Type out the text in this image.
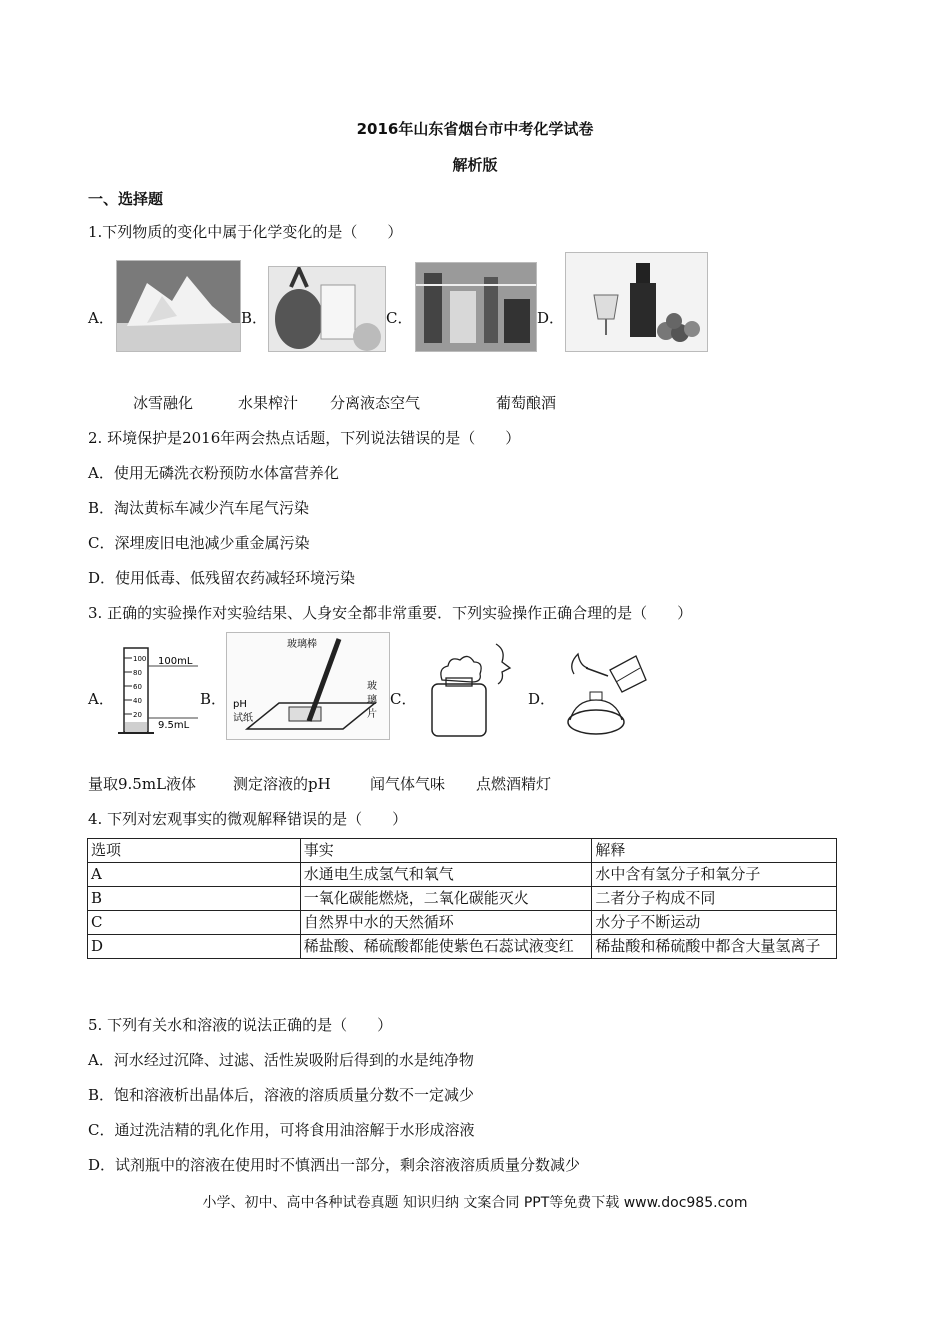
2016年山东省烟台市中考化学试卷
解析版
一、选择题
1.下列物质的变化中属于化学变化的是（　　）
A．	B．	C．	D．
冰雪融化	水果榨汁 分离液态空气	葡萄酿酒
2. 环境保护是2016年两会热点话题，下列说法错误的是（　　）
A．使用无磷洗衣粉预防水体富营养化
B．淘汰黄标车减少汽车尾气污染
C．深埋废旧电池减少重金属污染
D．使用低毒、低残留农药减轻环境污染
3. 正确的实验操作对实验结果、人身安全都非常重要．下列实验操作正确合理的是（　　）
A．
100
80
60
40
20
100mL
9.5mL
B．
玻璃棒
pH
试纸
玻
璃
片
C．	D．
量取9.5mL液体 测定溶液的pH	闻气体气味 点燃酒精灯
4. 下列对宏观事实的微观解释错误的是（　　）
选项	事实	解释
A	水通电生成氢气和氧气	水中含有氢分子和氧分子
B	一氧化碳能燃烧，二氧化碳能灭火	二者分子构成不同
C	自然界中水的天然循环	水分子不断运动
D	稀盐酸、稀硫酸都能使紫色石蕊试液变红	稀盐酸和稀硫酸中都含大量氢离子
5. 下列有关水和溶液的说法正确的是（　　）
A．河水经过沉降、过滤、活性炭吸附后得到的水是纯净物
B．饱和溶液析出晶体后，溶液的溶质质量分数不一定减少
C．通过洗洁精的乳化作用，可将食用油溶解于水形成溶液
D．试剂瓶中的溶液在使用时不慎洒出一部分，剩余溶液溶质质量分数减少
小学、初中、高中各种试卷真题 知识归纳 文案合同 PPT等免费下载 www.doc985.com
